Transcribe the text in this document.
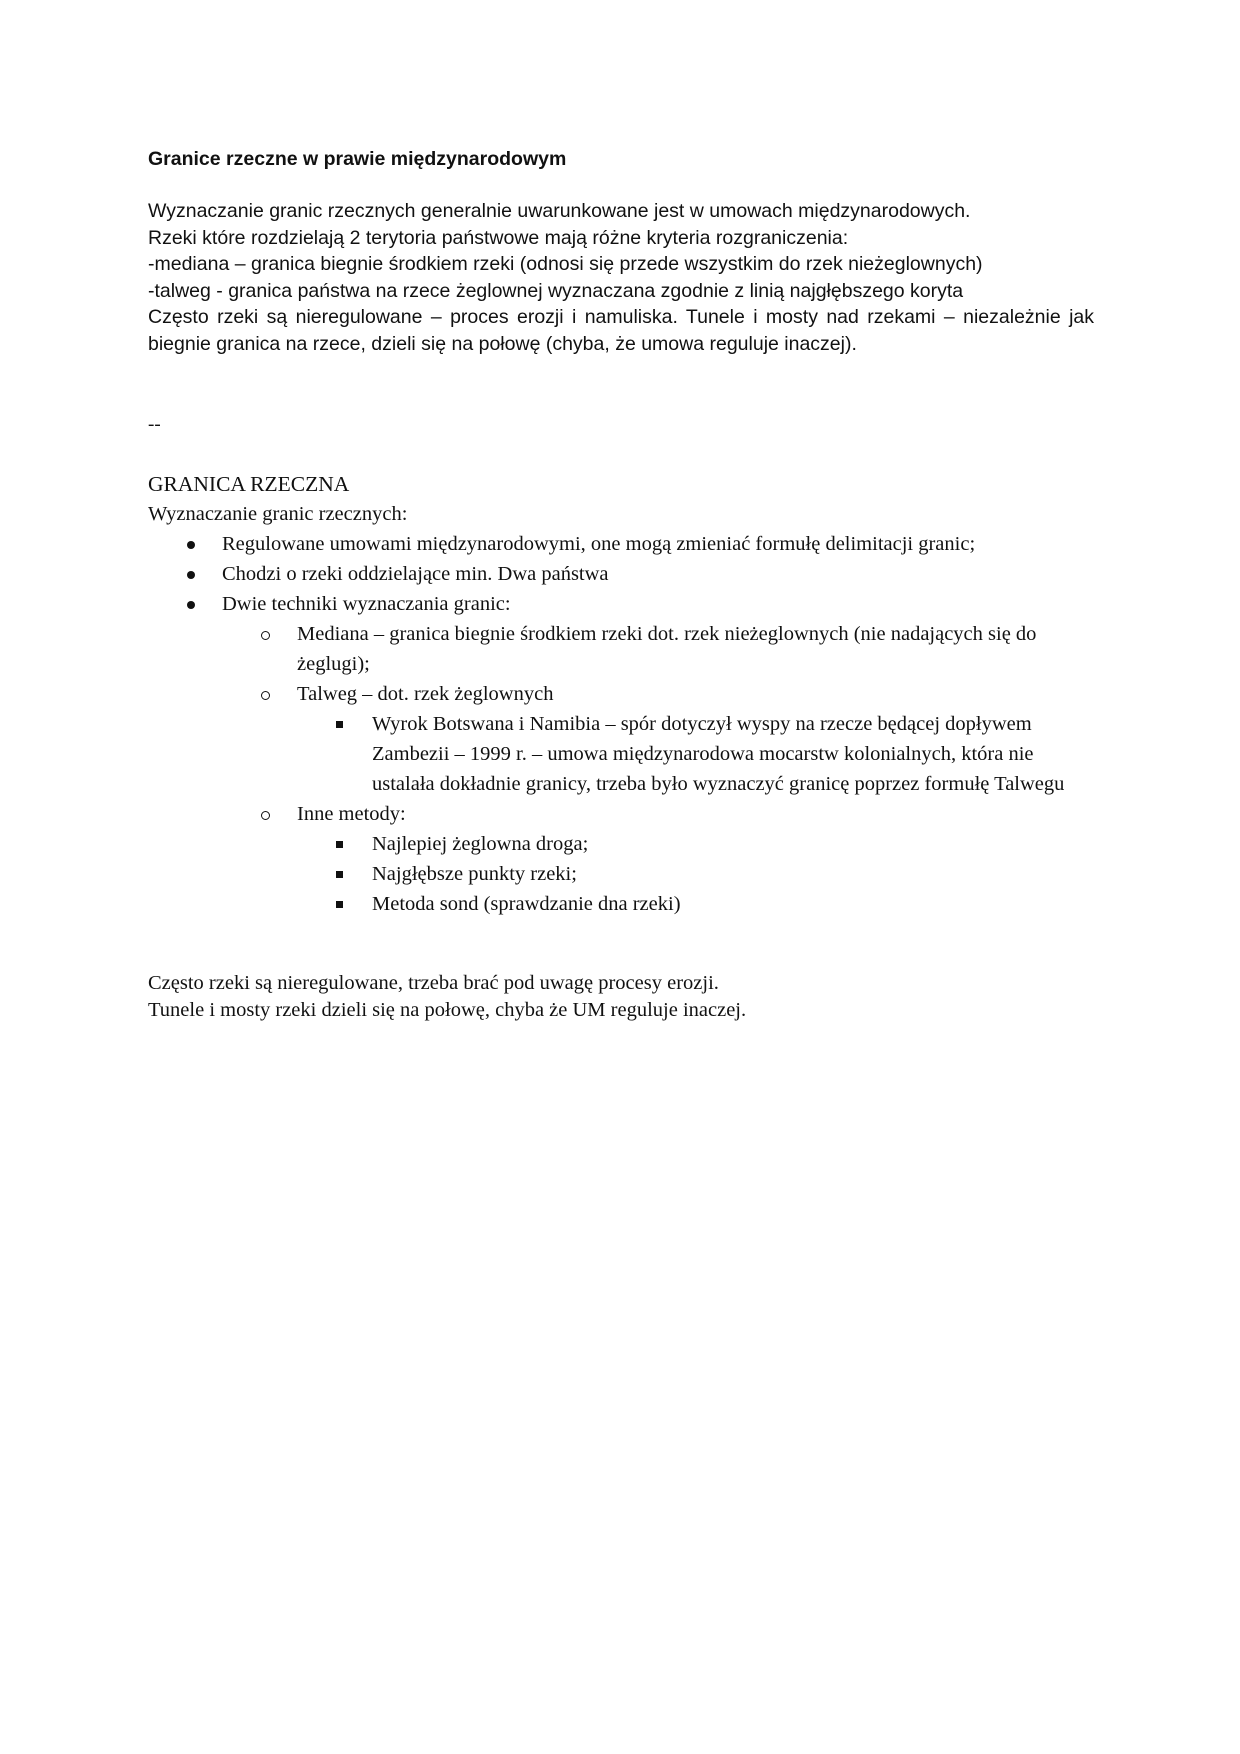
Granice rzeczne w prawie międzynarodowym

Wyznaczanie granic rzecznych generalnie uwarunkowane jest w umowach międzynarodowych.
Rzeki które rozdzielają 2 terytoria państwowe mają różne kryteria rozgraniczenia:
-mediana – granica biegnie środkiem rzeki (odnosi się przede wszystkim do rzek nieżeglownych)
-talweg - granica państwa na rzece żeglownej wyznaczana zgodnie z linią najgłębszego koryta
Często rzeki są nieregulowane – proces erozji i namuliska. Tunele i mosty nad rzekami – niezależnie jak biegnie granica na rzece, dzieli się na połowę (chyba, że umowa reguluje inaczej).

--

GRANICA RZECZNA

Wyznaczanie granic rzecznych:

Regulowane umowami międzynarodowymi, one mogą zmieniać formułę delimitacji granic;
Chodzi o rzeki oddzielające min. Dwa państwa
Dwie techniki wyznaczania granic:
Mediana – granica biegnie środkiem rzeki dot. rzek nieżeglownych (nie nadających się do żeglugi);
Talweg – dot. rzek żeglownych
Wyrok Botswana i Namibia – spór dotyczył wyspy na rzecze będącej dopływem Zambezii – 1999 r. – umowa międzynarodowa mocarstw kolonialnych, która nie ustalała dokładnie granicy, trzeba było wyznaczyć granicę poprzez formułę Talwegu
Inne metody:
Najlepiej żeglowna droga;
Najgłębsze punkty rzeki;
Metoda sond (sprawdzanie dna rzeki)

Często rzeki są nieregulowane, trzeba brać pod uwagę procesy erozji.

Tunele i mosty rzeki dzieli się na połowę, chyba że UM reguluje inaczej.
